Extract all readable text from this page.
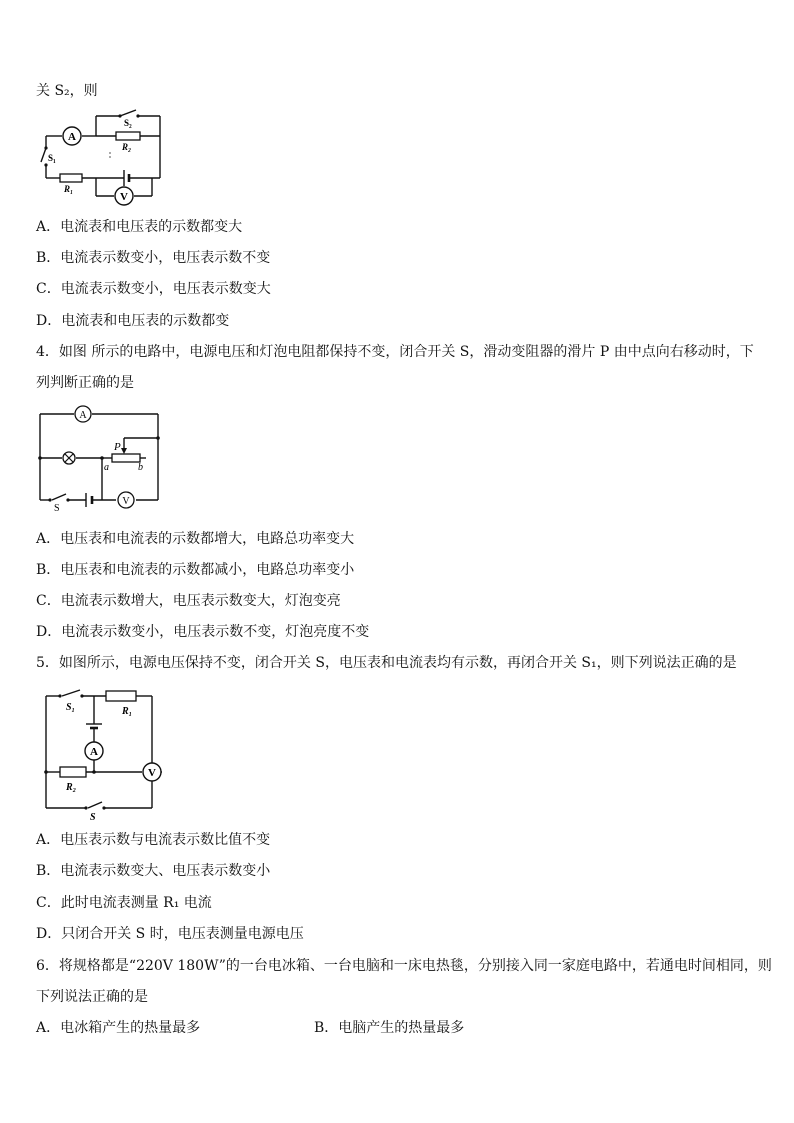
关 S₂，则
A
V
S₁
S₂
R₂
R₁
A．电流表和电压表的示数都变大
B．电流表示数变小，电压表示数不变
C．电流表示数变小，电压表示数变大
D．电流表和电压表的示数都变
4．如图 所示的电路中，电源电压和灯泡电阻都保持不变，闭合开关 S，滑动变阻器的滑片 P 由中点向右移动时，下
列判断正确的是
A
V
P
a	b
S
A．电压表和电流表的示数都增大，电路总功率变大
B．电压表和电流表的示数都减小，电路总功率变小
C．电流表示数增大，电压表示数变大，灯泡变亮
D．电流表示数变小，电压表示数不变，灯泡亮度不变
5．如图所示，电源电压保持不变，闭合开关 S，电压表和电流表均有示数，再闭合开关 S₁，则下列说法正确的是
A
V
S₁	R₁
R₂
S
A．电压表示数与电流表示数比值不变
B．电流表示数变大、电压表示数变小
C．此时电流表测量 R₁ 电流
D．只闭合开关 S 时，电压表测量电源电压
6．将规格都是“220V 180W”的一台电冰箱、一台电脑和一床电热毯，分别接入同一家庭电路中，若通电时间相同，则
下列说法正确的是
A．电冰箱产生的热量最多	B．电脑产生的热量最多
